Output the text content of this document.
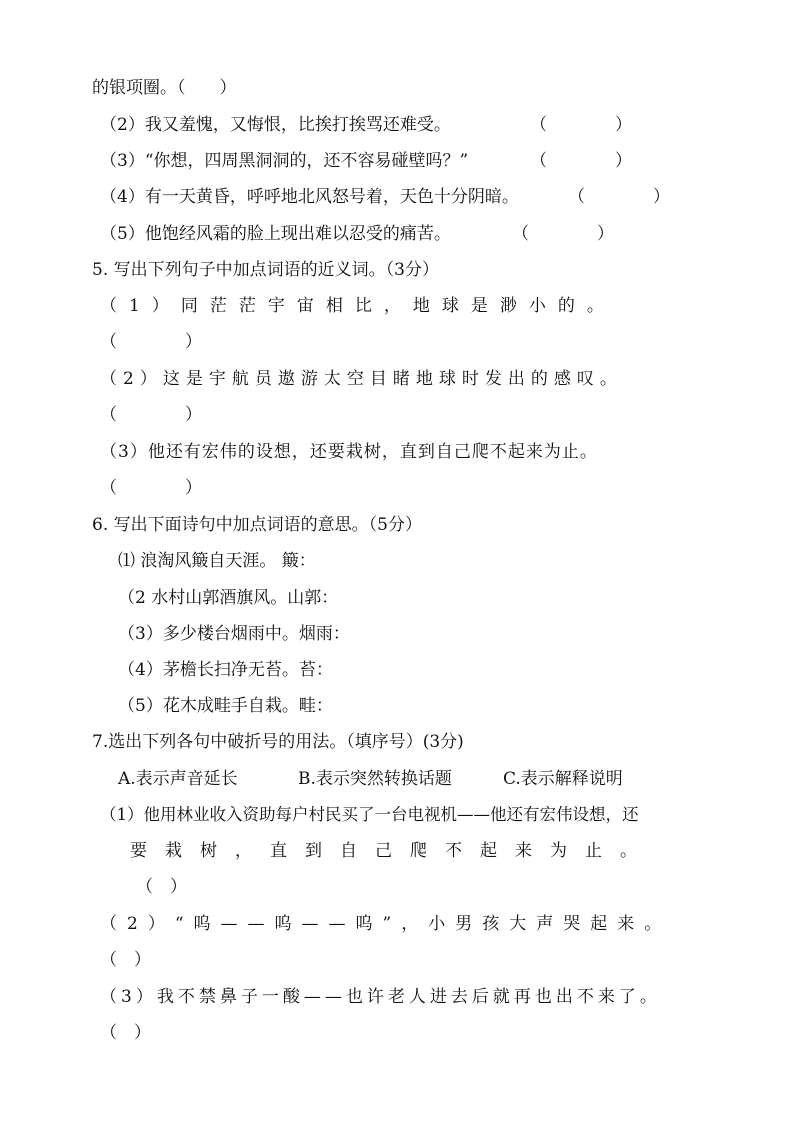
的银项圈。（　　）
（2）我又羞愧，又悔恨，比挨打挨骂还难受。	（　　　　）
（3）“你想，四周黑洞洞的，还不容易碰壁吗？”	（　　　　）
（4）有一天黄昏，呼呼地北风怒号着，天色十分阴暗。	（　　　　）
（5）他饱经风霜的脸上现出难以忍受的痛苦。	（　　　　）
5. 写出下列句子中加点词语的近义词。（3分）
（1）同茫茫宇宙相比，地球是渺小的。
（　　　　）
（2）这是宇航员遨游太空目睹地球时发出的感叹。
（　　　　）
（3）他还有宏伟的设想，还要栽树，直到自己爬不起来为止。
（　　　　）
6. 写出下面诗句中加点词语的意思。（5分）
⑴ 浪淘风簸自天涯。 簸：
（2 水村山郭酒旗风。山郭：
（3）多少楼台烟雨中。烟雨：
（4）茅檐长扫净无苔。苔：
（5）花木成畦手自栽。畦：
7.选出下列各句中破折号的用法。（填序号）(3分)
A.表示声音延长	B.表示突然转换话题	C.表示解释说明
（1）他用林业收入资助每户村民买了一台电视机——他还有宏伟设想，还
要栽树，直到自己爬不起来为止。
（　）
（2）“呜——呜——呜”，小男孩大声哭起来。
（　）
（3）我不禁鼻子一酸——也许老人进去后就再也出不来了。
（　）
